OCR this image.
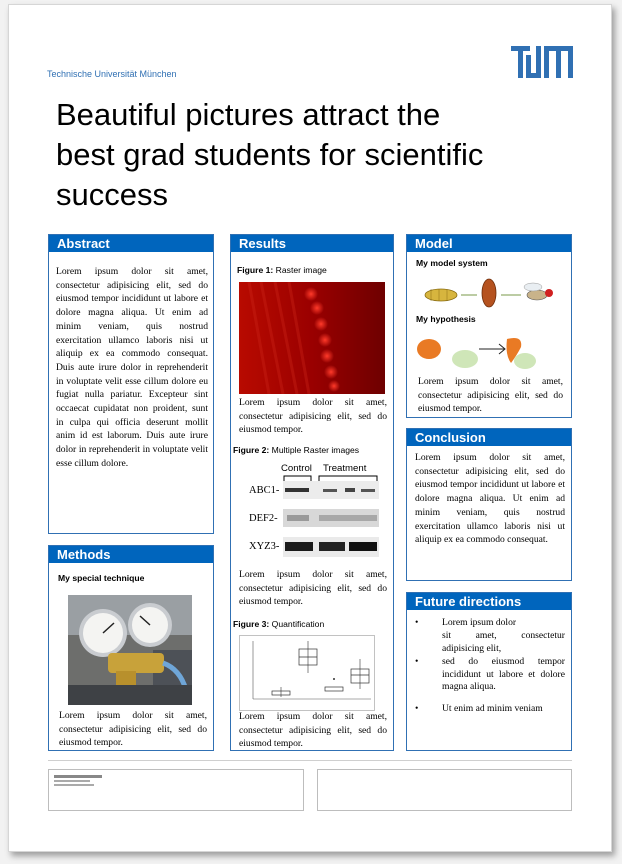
Technische Universität München
Beautiful pictures attract the
best grad students for scientific
success
Abstract
Lorem ipsum dolor sit amet, consectetur adipisicing elit, sed do eiusmod tempor incididunt ut labore et dolore magna aliqua. Ut enim ad minim veniam, quis nostrud exercitation ullamco laboris nisi ut aliquip ex ea commodo consequat. Duis aute irure dolor in reprehenderit in voluptate velit esse cillum dolore eu fugiat nulla pariatur. Excepteur sint occaecat cupidatat non proident, sunt in culpa qui officia deserunt mollit anim id est laborum. Duis aute irure dolor in reprehenderit in voluptate velit esse cillum dolore.
Methods
My special technique
Lorem ipsum dolor sit amet, consectetur adipisicing elit, sed do eiusmod tempor.
Results
Figure 1: Raster image
Lorem ipsum dolor sit amet, consectetur adipisicing elit, sed do eiusmod tempor.
Figure 2: Multiple Raster images
Control Treatment
ABC1-
DEF2-
XYZ3-
Lorem ipsum dolor sit amet, consectetur adipisicing elit, sed do eiusmod tempor.
Figure 3: Quantification
Lorem ipsum dolor sit amet, consectetur adipisicing elit, sed do eiusmod tempor.
Model
My model system
My hypothesis
Lorem ipsum dolor sit amet, consectetur adipisicing elit, sed do eiusmod tempor.
Conclusion
Lorem ipsum dolor sit amet, consectetur adipisicing elit, sed do eiusmod tempor incididunt ut labore et dolore magna aliqua. Ut enim ad minim veniam, quis nostrud exercitation ullamco laboris nisi ut aliquip ex ea commodo consequat.
Future directions
• Lorem ipsum dolor
sit amet, consectetur adipisicing elit,
• sed do eiusmod tempor incididunt ut labore et dolore magna aliqua.
• Ut enim ad minim veniam
